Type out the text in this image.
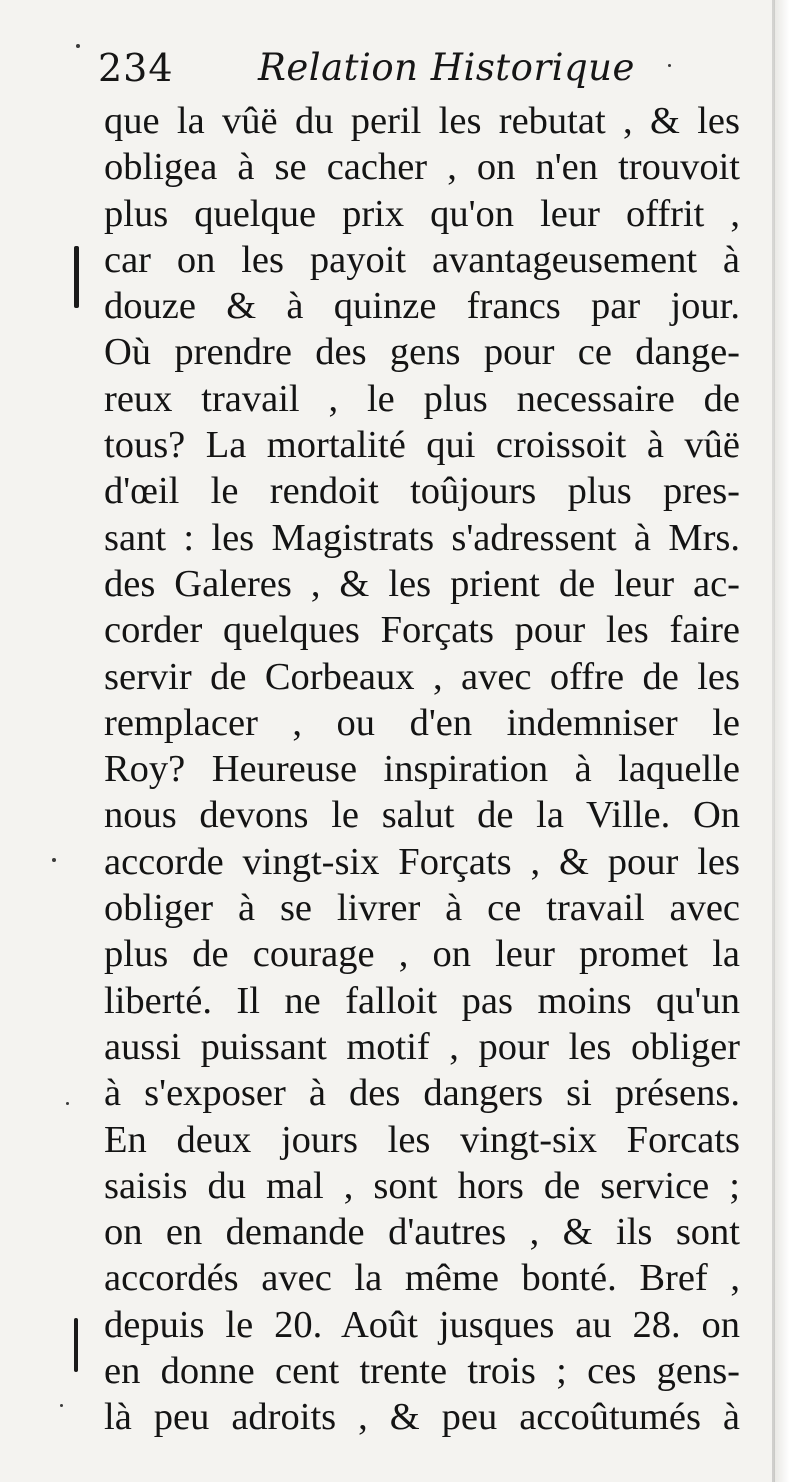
234 Relation Historique
que la vûë du peril les rebutat , & les
obligea à se cacher , on n'en trouvoit
plus quelque prix qu'on leur offrit ,
car on les payoit avantageusement à
douze & à quinze francs par jour.
Où prendre des gens pour ce dange-
reux travail , le plus necessaire de
tous? La mortalité qui croissoit à vûë
d'œil le rendoit toûjours plus pres-
sant : les Magistrats s'adressent à Mrs.
des Galeres , & les prient de leur ac-
corder quelques Forçats pour les faire
servir de Corbeaux , avec offre de les
remplacer , ou d'en indemniser le
Roy? Heureuse inspiration à laquelle
nous devons le salut de la Ville. On
accorde vingt-six Forçats , & pour les
obliger à se livrer à ce travail avec
plus de courage , on leur promet la
liberté. Il ne falloit pas moins qu'un
aussi puissant motif , pour les obliger
à s'exposer à des dangers si présens.
En deux jours les vingt-six Forcats
saisis du mal , sont hors de service ;
on en demande d'autres , & ils sont
accordés avec la même bonté. Bref ,
depuis le 20. Août jusques au 28. on
en donne cent trente trois ; ces gens-
là peu adroits , & peu accoûtumés à
